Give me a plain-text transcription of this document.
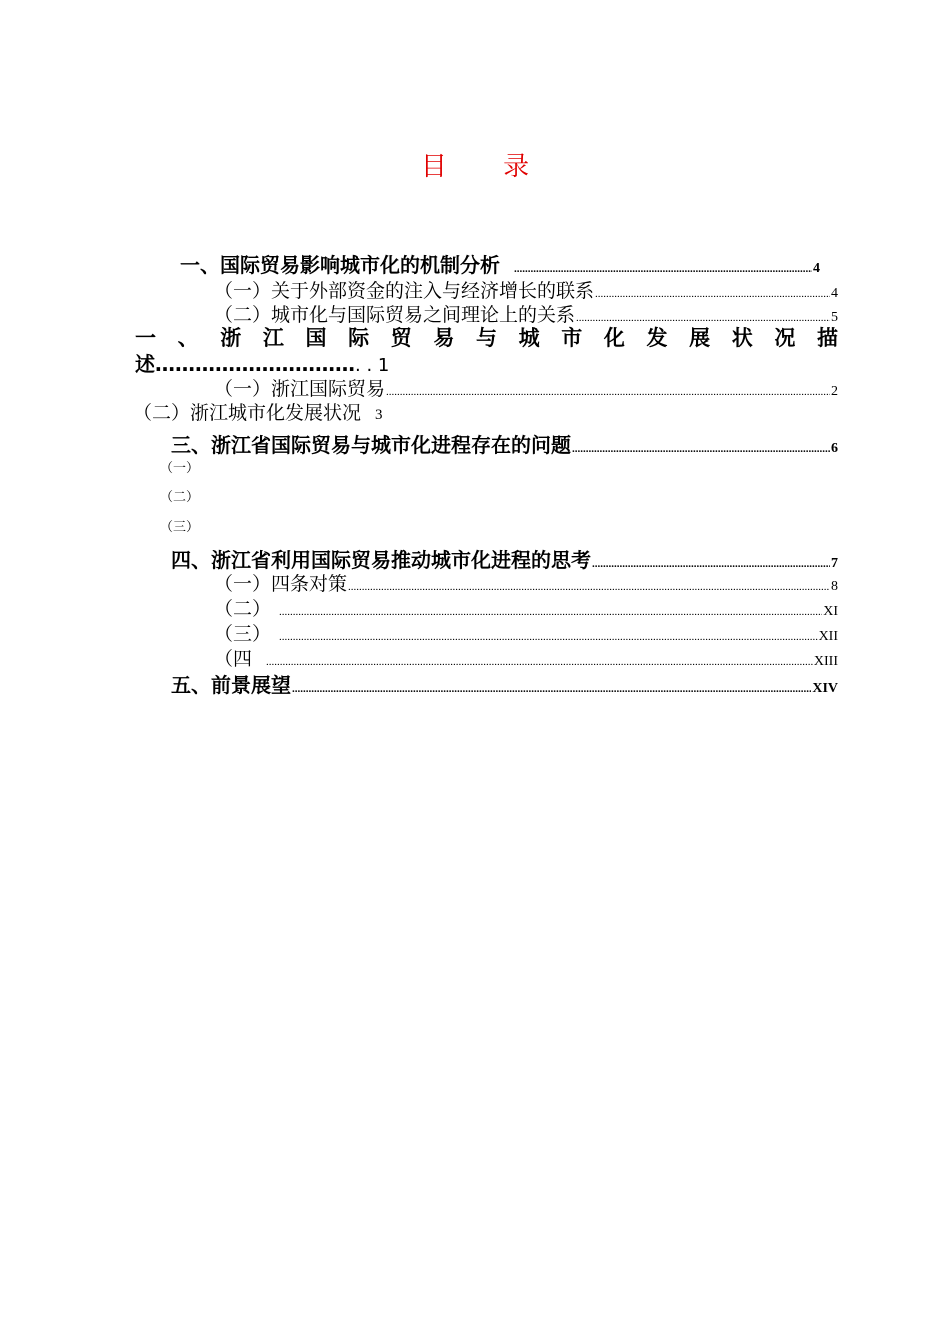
目 录
一、国际贸易影响城市化的机制分析 .....	4
（一）关于外部资金的注入与经济增长的联系 .....	4
（二）城市化与国际贸易之间理论上的关系 .....	5
一 、 浙 江 国 际 贸 易 与 城 市 化 发 展 状 况 描
述…………………………. . 1
（一）浙江国际贸易 .....	2
（二）浙江城市化发展状况 3
三、浙江省国际贸易与城市化进程存在的问题 .....	6
（一）
（二）
（三）
四、浙江省利用国际贸易推动城市化进程的思考 .....	7
（一）四条对策 .....	8
（二） .....	XI
（三） .....	XII
（四 .....	XIII
五、前景展望 .....	XIV
